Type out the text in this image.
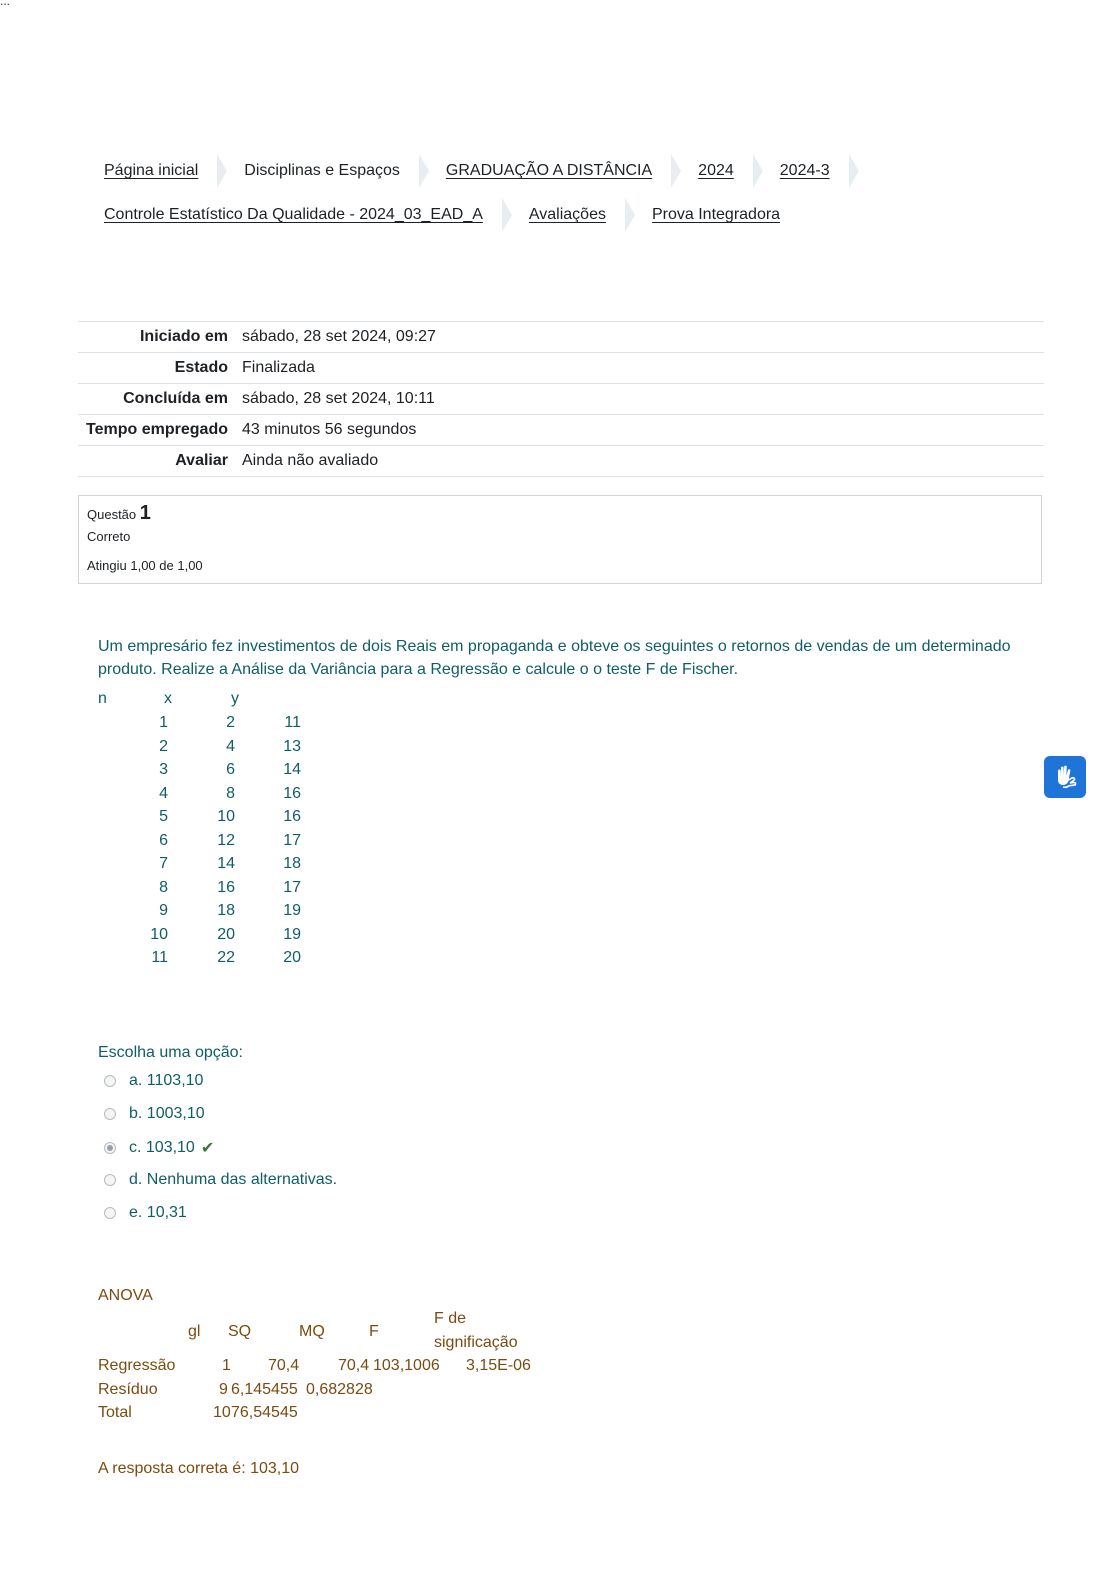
...
Página inicial	Disciplinas e Espaços	GRADUAÇÃO A DISTÂNCIA	2024	2024-3
Controle Estatístico Da Qualidade - 2024_03_EAD_A	Avaliações	Prova Integradora
Iniciado em	sábado, 28 set 2024, 09:27
Estado	Finalizada
Concluída em	sábado, 28 set 2024, 10:11
Tempo empregado	43 minutos 56 segundos
Avaliar	Ainda não avaliado
Questão 1
Correto
Atingiu 1,00 de 1,00
Um empresário fez investimentos de dois Reais em propaganda e obteve os seguintes o retornos de vendas de um determinado produto. Realize a Análise da Variância para a Regressão e calcule o o teste F de Fischer.
n	x	y
1	2	11
2	4	13
3	6	14
4	8	16
5	10	16
6	12	17
7	14	18
8	16	17
9	18	19
10	20	19
11	22	20
Escolha uma opção:
a. 1103,10
b. 1003,10
c. 103,10 ✔
d. Nenhuma das alternativas.
e. 10,31
ANOVA
gl SQ	MQ	F
F de
significação
Regressão	1 70,4 70,4 103,1006 3,15E-06
Resíduo	9 6,145455 0,682828
Total	10 76,54545
A resposta correta é: 103,10
